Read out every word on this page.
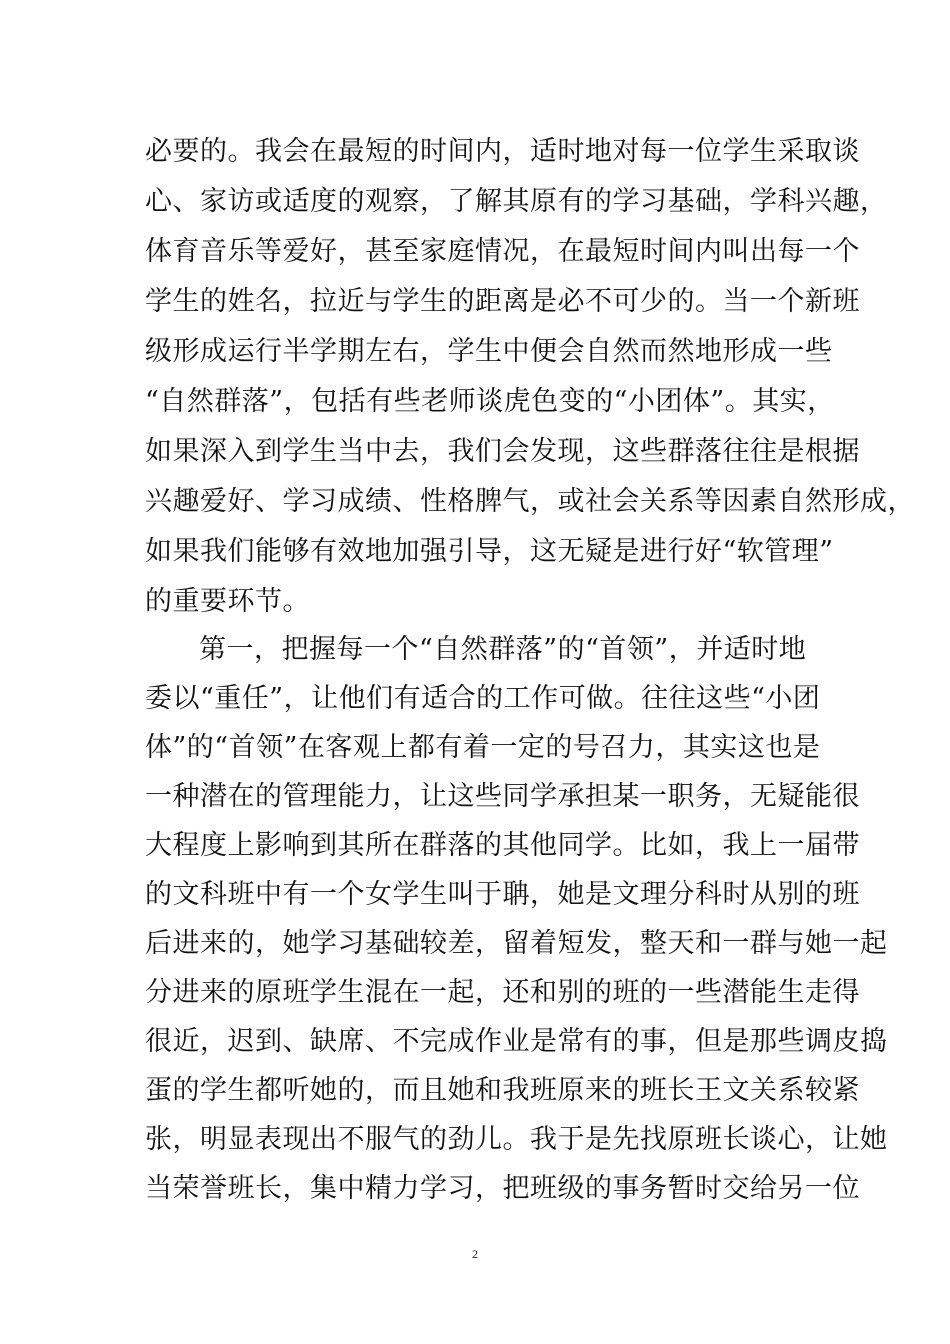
必要的。我会在最短的时间内，适时地对每一位学生采取谈
心、家访或适度的观察，了解其原有的学习基础，学科兴趣，
体育音乐等爱好，甚至家庭情况，在最短时间内叫出每一个
学生的姓名，拉近与学生的距离是必不可少的。当一个新班
级形成运行半学期左右，学生中便会自然而然地形成一些
“自然群落”，包括有些老师谈虎色变的“小团体”。其实，
如果深入到学生当中去，我们会发现，这些群落往往是根据
兴趣爱好、学习成绩、性格脾气，或社会关系等因素自然形成，
如果我们能够有效地加强引导，这无疑是进行好“软管理”
的重要环节。
第一，把握每一个“自然群落”的“首领”，并适时地
委以“重任”，让他们有适合的工作可做。往往这些“小团
体”的“首领”在客观上都有着一定的号召力，其实这也是
一种潜在的管理能力，让这些同学承担某一职务，无疑能很
大程度上影响到其所在群落的其他同学。比如，我上一届带
的文科班中有一个女学生叫于聃，她是文理分科时从别的班
后进来的，她学习基础较差，留着短发，整天和一群与她一起
分进来的原班学生混在一起，还和别的班的一些潜能生走得
很近，迟到、缺席、不完成作业是常有的事，但是那些调皮捣
蛋的学生都听她的，而且她和我班原来的班长王文关系较紧
张，明显表现出不服气的劲儿。我于是先找原班长谈心，让她
当荣誉班长，集中精力学习，把班级的事务暂时交给另一位
2
